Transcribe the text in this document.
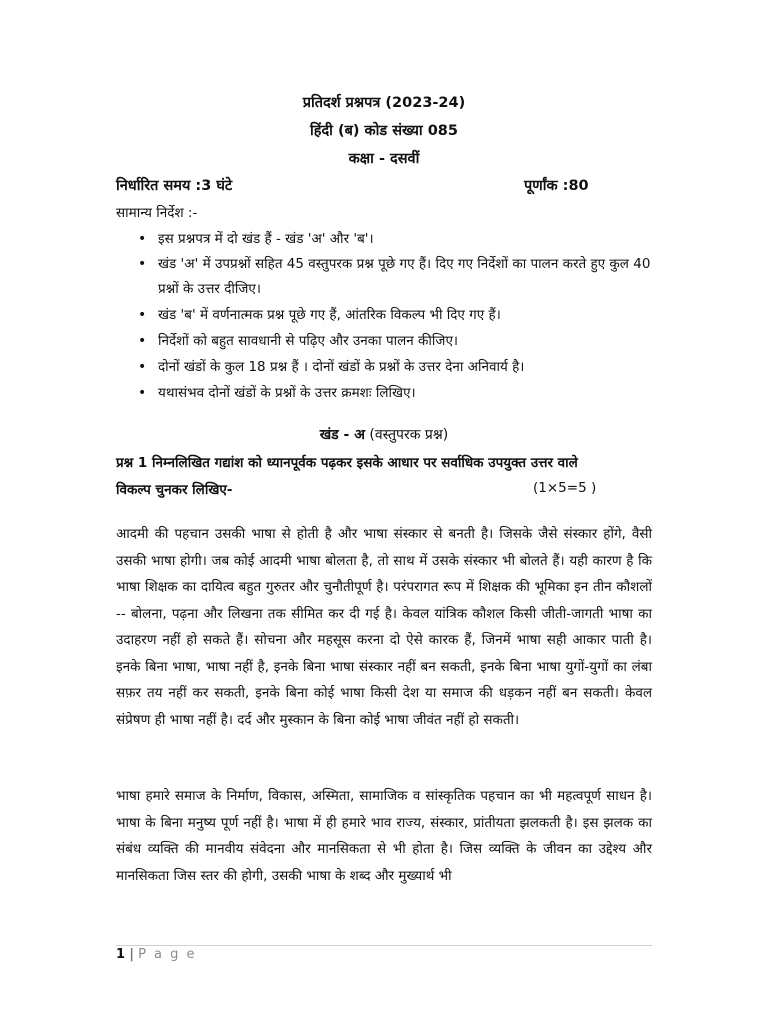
प्रतिदर्श प्रश्नपत्र (2023-24)
हिंदी (ब) कोड संख्या 085
कक्षा - दसवीं
निर्धारित समय :3 घंटे	पूर्णांक :80
सामान्य निर्देश :-
• इस प्रश्नपत्र में दो खंड हैं - खंड 'अ' और 'ब'।
• खंड 'अ' में उपप्रश्नों सहित 45 वस्तुपरक प्रश्न पूछे गए हैं। दिए गए निर्देशों का पालन करते हुए कुल 40 प्रश्नों के उत्तर दीजिए।
• खंड 'ब' में वर्णनात्मक प्रश्न पूछे गए हैं, आंतरिक विकल्प भी दिए गए हैं।
• निर्देशों को बहुत सावधानी से पढ़िए और उनका पालन कीजिए।
• दोनों खंडों के कुल 18 प्रश्न हैं । दोनों खंडों के प्रश्नों के उत्तर देना अनिवार्य है।
• यथासंभव दोनों खंडों के प्रश्नों के उत्तर क्रमशः लिखिए।
खंड - अ (वस्तुपरक प्रश्न)
प्रश्न 1 निम्नलिखित गद्यांश को ध्यानपूर्वक पढ़कर इसके आधार पर सर्वाधिक उपयुक्त उत्तर वाले
विकल्प चुनकर लिखिए-	(1×5=5 )

आदमी की पहचान उसकी भाषा से होती है और भाषा संस्कार से बनती है। जिसके जैसे संस्कार होंगे, वैसी उसकी भाषा होगी। जब कोई आदमी भाषा बोलता है, तो साथ में उसके संस्कार भी बोलते हैं। यही कारण है कि भाषा शिक्षक का दायित्व बहुत गुरुतर और चुनौतीपूर्ण है। परंपरागत रूप में शिक्षक की भूमिका इन तीन कौशलों -- बोलना, पढ़ना और लिखना तक सीमित कर दी गई है। केवल यांत्रिक कौशल किसी जीती-जागती भाषा का उदाहरण नहीं हो सकते हैं। सोचना और महसूस करना दो ऐसे कारक हैं, जिनमें भाषा सही आकार पाती है। इनके बिना भाषा, भाषा नहीं है, इनके बिना भाषा संस्कार नहीं बन सकती, इनके बिना भाषा युगों-युगों का लंबा सफ़र तय नहीं कर सकती, इनके बिना कोई भाषा किसी देश या समाज की धड़कन नहीं बन सकती। केवल संप्रेषण ही भाषा नहीं है। दर्द और मुस्कान के बिना कोई भाषा जीवंत नहीं हो सकती।

भाषा हमारे समाज के निर्माण, विकास, अस्मिता, सामाजिक व सांस्कृतिक पहचान का भी महत्वपूर्ण साधन है। भाषा के बिना मनुष्य पूर्ण नहीं है। भाषा में ही हमारे भाव राज्य, संस्कार, प्रांतीयता झलकती है। इस झलक का संबंध व्यक्ति की मानवीय संवेदना और मानसिकता से भी होता है। जिस व्यक्ति के जीवन का उद्देश्य और मानसिकता जिस स्तर की होगी, उसकी भाषा के शब्द और मुख्यार्थ भी

1 | P a g e
